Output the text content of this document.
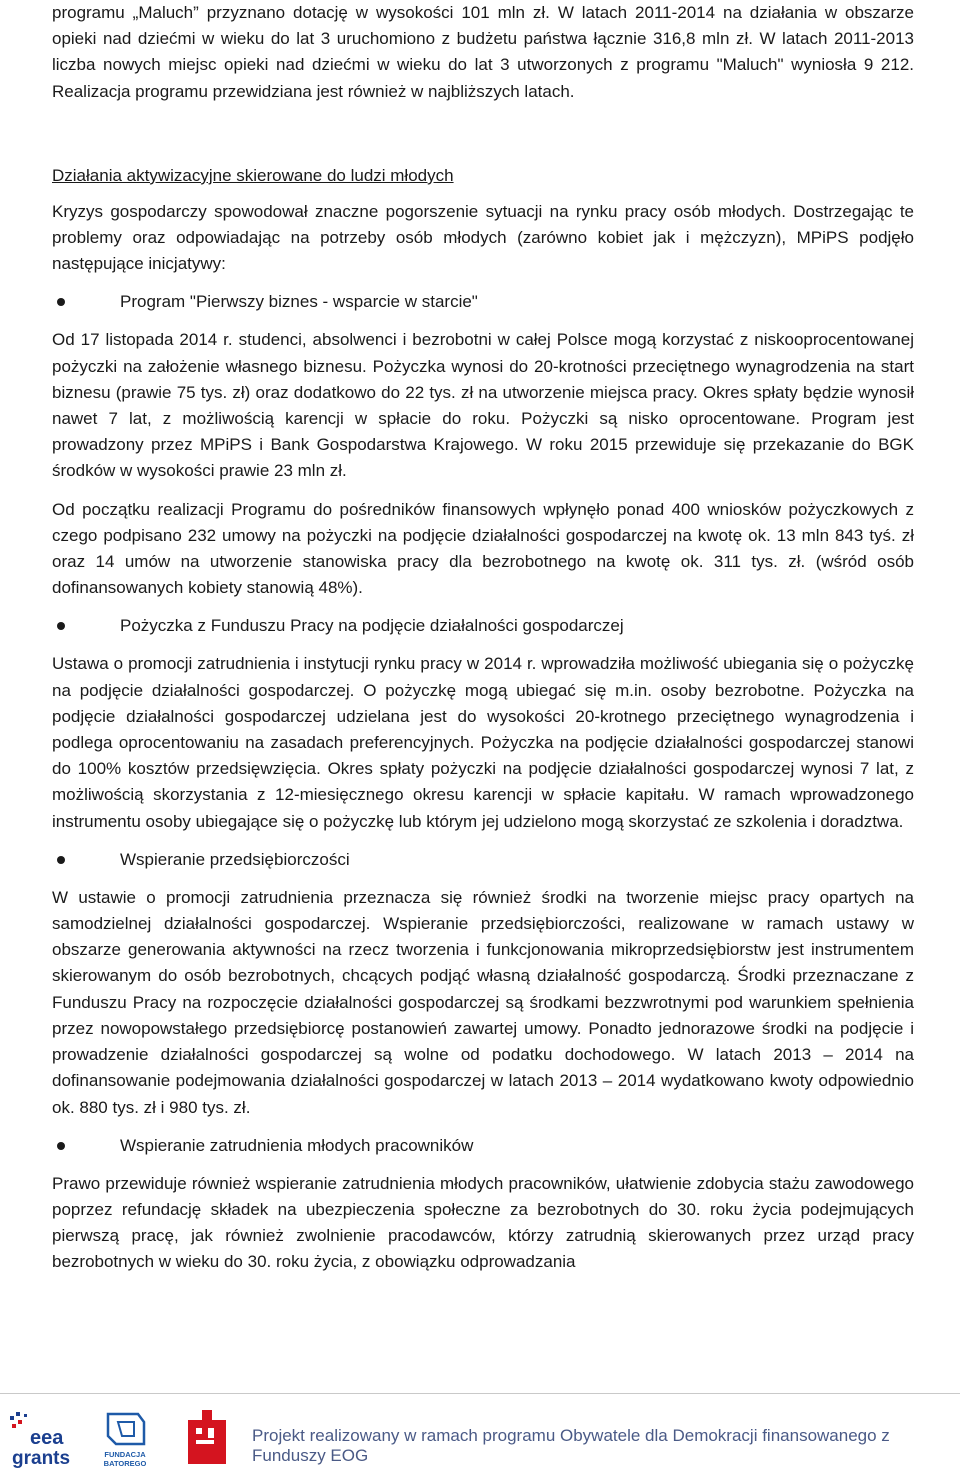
programu „Maluch” przyznano dotację w wysokości 101 mln zł. W latach 2011-2014 na działania w obszarze opieki nad dziećmi w wieku do lat 3 uruchomiono z budżetu państwa łącznie 316,8 mln zł. W latach 2011-2013 liczba nowych miejsc opieki nad dziećmi w wieku do lat 3 utworzonych z programu "Maluch" wyniosła 9 212. Realizacja programu przewidziana jest również w najbliższych latach.

Działania aktywizacyjne skierowane do ludzi młodych

Kryzys gospodarczy spowodował znaczne pogorszenie sytuacji na rynku pracy osób młodych. Dostrzegając te problemy oraz odpowiadając na potrzeby osób młodych (zarówno kobiet jak i mężczyzn), MPiPS podjęło następujące inicjatywy:

Program "Pierwszy biznes - wsparcie w starcie"

Od 17 listopada 2014 r. studenci, absolwenci i bezrobotni w całej Polsce mogą korzystać z niskooprocentowanej pożyczki na założenie własnego biznesu. Pożyczka wynosi do 20-krotności przeciętnego wynagrodzenia na start biznesu (prawie 75 tys. zł) oraz dodatkowo do 22 tys. zł na utworzenie miejsca pracy. Okres spłaty będzie wynosił nawet 7 lat, z możliwością karencji w spłacie do roku. Pożyczki są nisko oprocentowane. Program jest prowadzony przez MPiPS i Bank Gospodarstwa Krajowego. W roku 2015 przewiduje się przekazanie do BGK środków w wysokości prawie 23 mln zł.

Od początku realizacji Programu do pośredników finansowych wpłynęło ponad 400 wniosków pożyczkowych z czego podpisano 232 umowy na pożyczki na podjęcie działalności gospodarczej na kwotę ok. 13 mln 843 tyś. zł oraz 14 umów na utworzenie stanowiska pracy dla bezrobotnego na kwotę ok. 311 tys. zł. (wśród osób dofinansowanych kobiety stanowią 48%).

Pożyczka z Funduszu Pracy na podjęcie działalności gospodarczej

Ustawa o promocji zatrudnienia i instytucji rynku pracy w 2014 r. wprowadziła możliwość ubiegania się o pożyczkę na podjęcie działalności gospodarczej. O pożyczkę mogą ubiegać się m.in. osoby bezrobotne. Pożyczka na podjęcie działalności gospodarczej udzielana jest do wysokości 20-krotnego przeciętnego wynagrodzenia i podlega oprocentowaniu na zasadach preferencyjnych. Pożyczka na podjęcie działalności gospodarczej stanowi do 100% kosztów przedsięwzięcia. Okres spłaty pożyczki na podjęcie działalności gospodarczej wynosi 7 lat, z możliwością skorzystania z 12-miesięcznego okresu karencji w spłacie kapitału. W ramach wprowadzonego instrumentu osoby ubiegające się o pożyczkę lub którym jej udzielono mogą skorzystać ze szkolenia i doradztwa.

Wspieranie przedsiębiorczości

W ustawie o promocji zatrudnienia przeznacza się również środki na tworzenie miejsc pracy opartych na samodzielnej działalności gospodarczej. Wspieranie przedsiębiorczości, realizowane w ramach ustawy w obszarze generowania aktywności na rzecz tworzenia i funkcjonowania mikroprzedsiębiorstw jest instrumentem skierowanym do osób bezrobotnych, chcących podjąć własną działalność gospodarczą. Środki przeznaczane z Funduszu Pracy na rozpoczęcie działalności gospodarczej są środkami bezzwrotnymi pod warunkiem spełnienia przez nowopowstałego przedsiębiorcę postanowień zawartej umowy. Ponadto jednorazowe środki na podjęcie i prowadzenie działalności gospodarczej są wolne od podatku dochodowego. W latach 2013 – 2014 na dofinansowanie podejmowania działalności gospodarczej w latach 2013 – 2014 wydatkowano kwoty odpowiednio ok. 880 tys. zł i 980 tys. zł.

Wspieranie zatrudnienia młodych pracowników

Prawo przewiduje również wspieranie zatrudnienia młodych pracowników, ułatwienie zdobycia stażu zawodowego poprzez refundację składek na ubezpieczenia społeczne za bezrobotnych do 30. roku życia podejmujących pierwszą pracę, jak również zwolnienie pracodawców, którzy zatrudnią skierowanych przez urząd pracy bezrobotnych w wieku do 30. roku życia, z obowiązku odprowadzania

eea
grants	FUNDACJA
BATOREGO
Projekt realizowany w ramach programu Obywatele dla Demokracji finansowanego z Funduszy EOG
